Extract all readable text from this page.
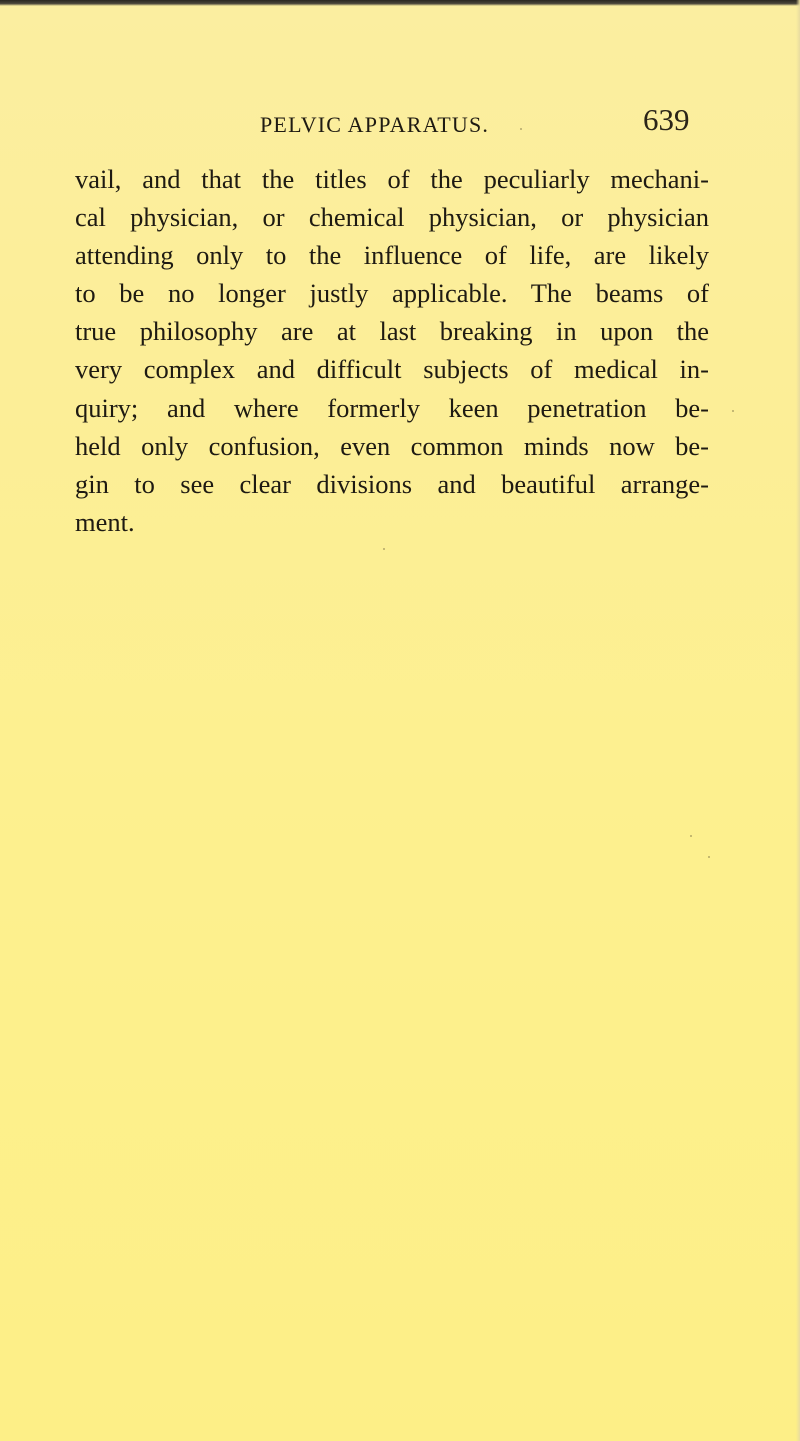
PELVIC APPARATUS.	639

vail, and that the titles of the peculiarly mechani-
cal physician, or chemical physician, or physician
attending only to the influence of life, are likely
to be no longer justly applicable. The beams of
true philosophy are at last breaking in upon the
very complex and difficult subjects of medical in-
quiry; and where formerly keen penetration be-
held only confusion, even common minds now be-
gin to see clear divisions and beautiful arrange-
ment.
